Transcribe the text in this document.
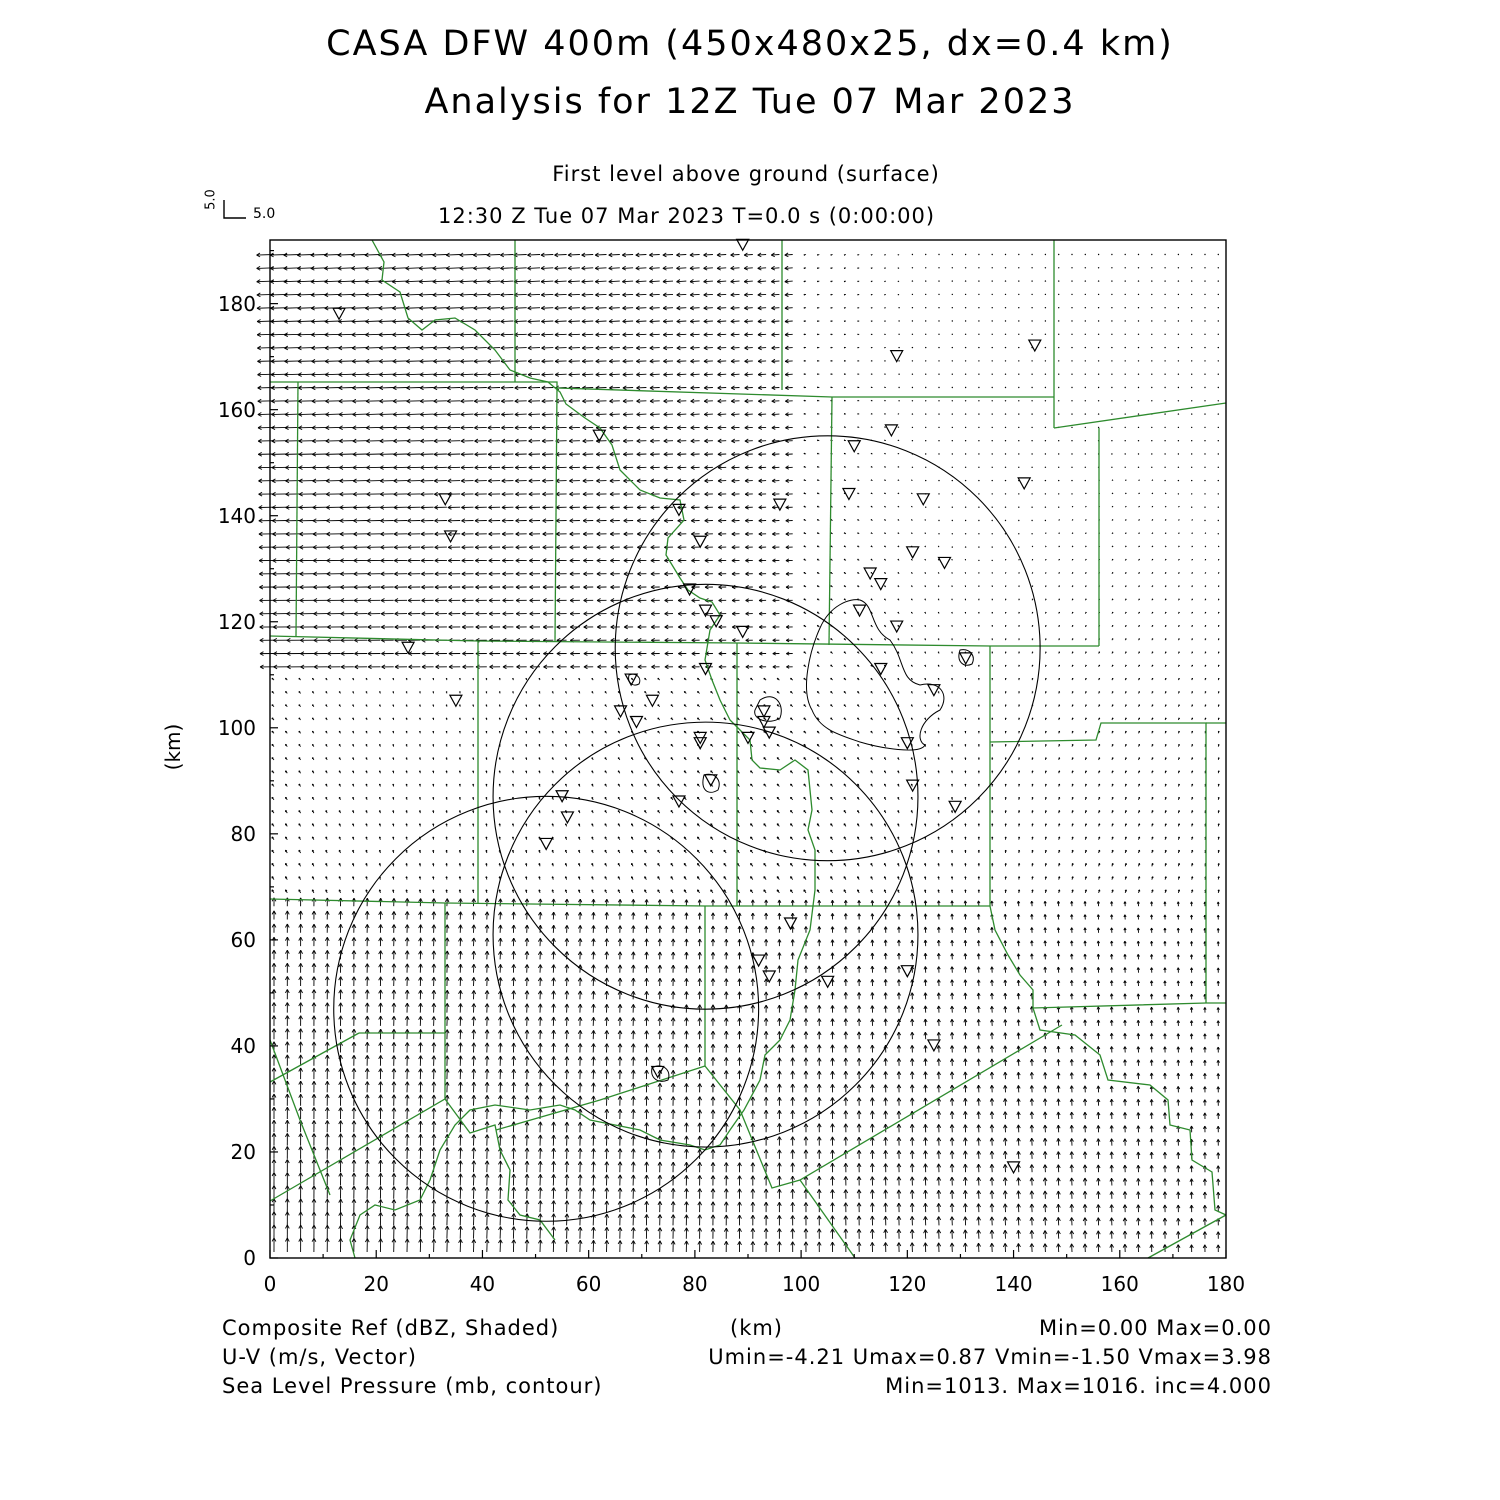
CASA DFW 400m (450x480x25, dx=0.4 km)
Analysis for 12Z Tue 07 Mar 2023
First level above ground (surface)
12:30 Z Tue 07 Mar 2023 T=0.0 s (0:00:00)
5.0
5.0
0	20	40	60	80	100	120	140	160	180
0
20
40
60
80
100
120
140
160
180
(km)
(km)
Composite Ref (dBZ, Shaded)
U-V (m/s, Vector)
Sea Level Pressure (mb, contour)
Min=0.00 Max=0.00
Umin=-4.21 Umax=0.87 Vmin=-1.50 Vmax=3.98
Min=1013. Max=1016. inc=4.000
